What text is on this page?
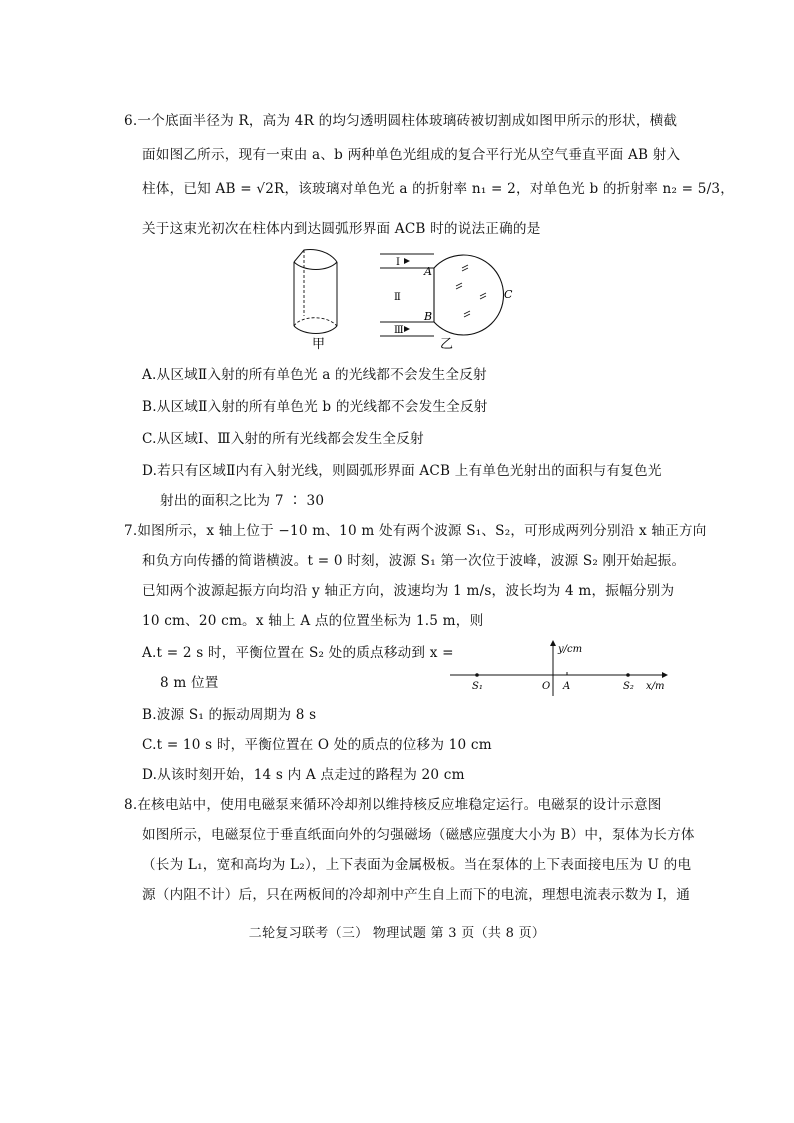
6.一个底面半径为 R，高为 4R 的均匀透明圆柱体玻璃砖被切割成如图甲所示的形状，横截
面如图乙所示，现有一束由 a、b 两种单色光组成的复合平行光从空气垂直平面 AB 射入
柱体，已知 AB = √2R，该玻璃对单色光 a 的折射率 n₁ = 2，对单色光 b 的折射率 n₂ = 5/3，
关于这束光初次在柱体内到达圆弧形界面 ACB 时的说法正确的是
甲
Ⅰ
Ⅱ
Ⅲ
A
B
C
乙
A.从区域Ⅱ入射的所有单色光 a 的光线都不会发生全反射
B.从区域Ⅱ入射的所有单色光 b 的光线都不会发生全反射
C.从区域Ⅰ、Ⅲ入射的所有光线都会发生全反射
D.若只有区域Ⅱ内有入射光线，则圆弧形界面 ACB 上有单色光射出的面积与有复色光
射出的面积之比为 7 ∶ 30
7.如图所示，x 轴上位于 −10 m、10 m 处有两个波源 S₁、S₂，可形成两列分别沿 x 轴正方向
和负方向传播的简谐横波。t = 0 时刻，波源 S₁ 第一次位于波峰，波源 S₂ 刚开始起振。
已知两个波源起振方向均沿 y 轴正方向，波速均为 1 m/s，波长均为 4 m，振幅分别为
10 cm、20 cm。x 轴上 A 点的位置坐标为 1.5 m，则
A.t = 2 s 时，平衡位置在 S₂ 处的质点移动到 x =
8 m 位置
y/cm
x/m
O A
S₁	S₂
B.波源 S₁ 的振动周期为 8 s
C.t = 10 s 时，平衡位置在 O 处的质点的位移为 10 cm
D.从该时刻开始，14 s 内 A 点走过的路程为 20 cm
8.在核电站中，使用电磁泵来循环冷却剂以维持核反应堆稳定运行。电磁泵的设计示意图
如图所示，电磁泵位于垂直纸面向外的匀强磁场（磁感应强度大小为 B）中，泵体为长方体
（长为 L₁，宽和高均为 L₂），上下表面为金属极板。当在泵体的上下表面接电压为 U 的电
源（内阻不计）后，只在两板间的冷却剂中产生自上而下的电流，理想电流表示数为 I，通
二轮复习联考（三） 物理试题 第 3 页（共 8 页）
